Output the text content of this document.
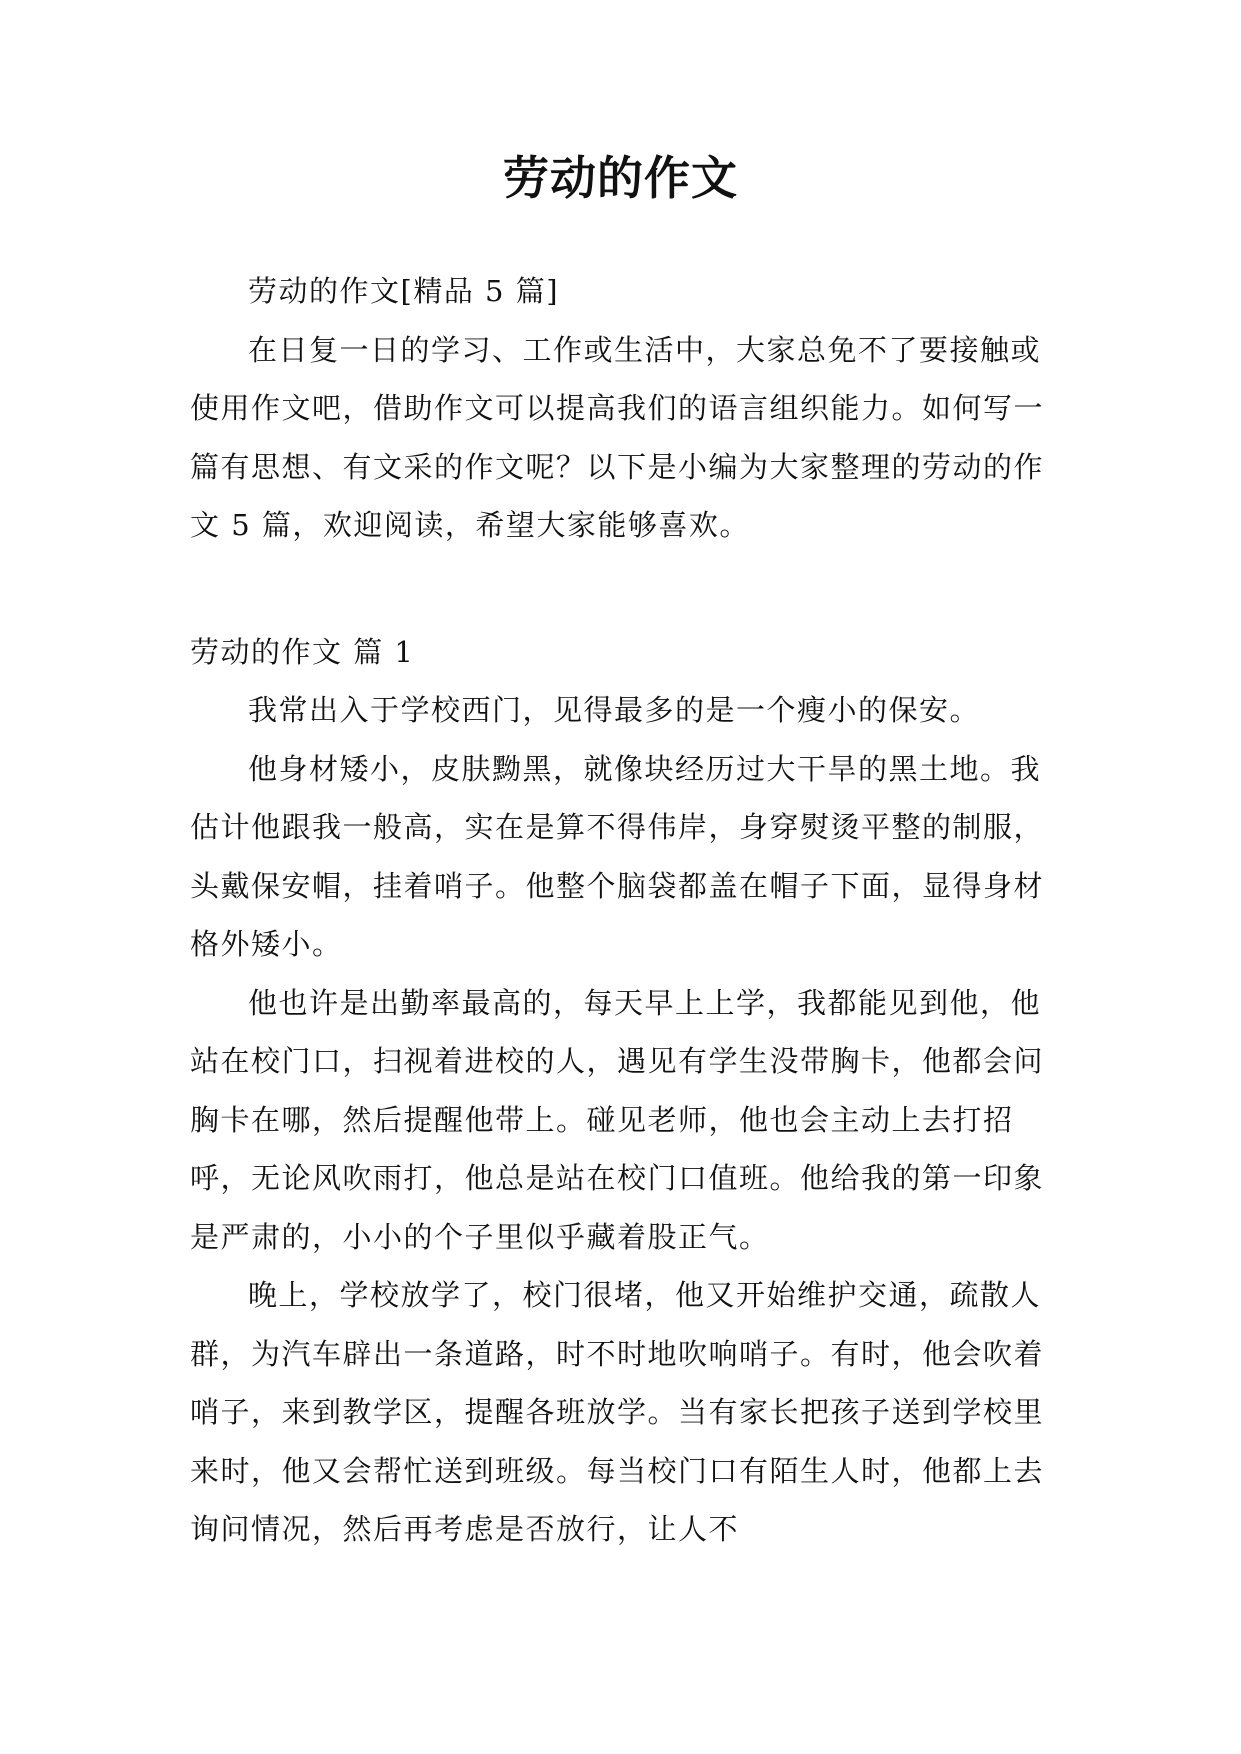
劳动的作文

劳动的作文[精品 5 篇]

在日复一日的学习、工作或生活中，大家总免不了要接触或使用作文吧，借助作文可以提高我们的语言组织能力。如何写一篇有思想、有文采的作文呢？以下是小编为大家整理的劳动的作文 5 篇，欢迎阅读，希望大家能够喜欢。

劳动的作文 篇 1

我常出入于学校西门，见得最多的是一个瘦小的保安。

他身材矮小，皮肤黝黑，就像块经历过大干旱的黑土地。我估计他跟我一般高，实在是算不得伟岸，身穿熨烫平整的制服，头戴保安帽，挂着哨子。他整个脑袋都盖在帽子下面，显得身材格外矮小。

他也许是出勤率最高的，每天早上上学，我都能见到他，他站在校门口，扫视着进校的人，遇见有学生没带胸卡，他都会问胸卡在哪，然后提醒他带上。碰见老师，他也会主动上去打招呼，无论风吹雨打，他总是站在校门口值班。他给我的第一印象是严肃的，小小的个子里似乎藏着股正气。

晚上，学校放学了，校门很堵，他又开始维护交通，疏散人群，为汽车辟出一条道路，时不时地吹响哨子。有时，他会吹着哨子，来到教学区，提醒各班放学。当有家长把孩子送到学校里来时，他又会帮忙送到班级。每当校门口有陌生人时，他都上去询问情况，然后再考虑是否放行，让人不
